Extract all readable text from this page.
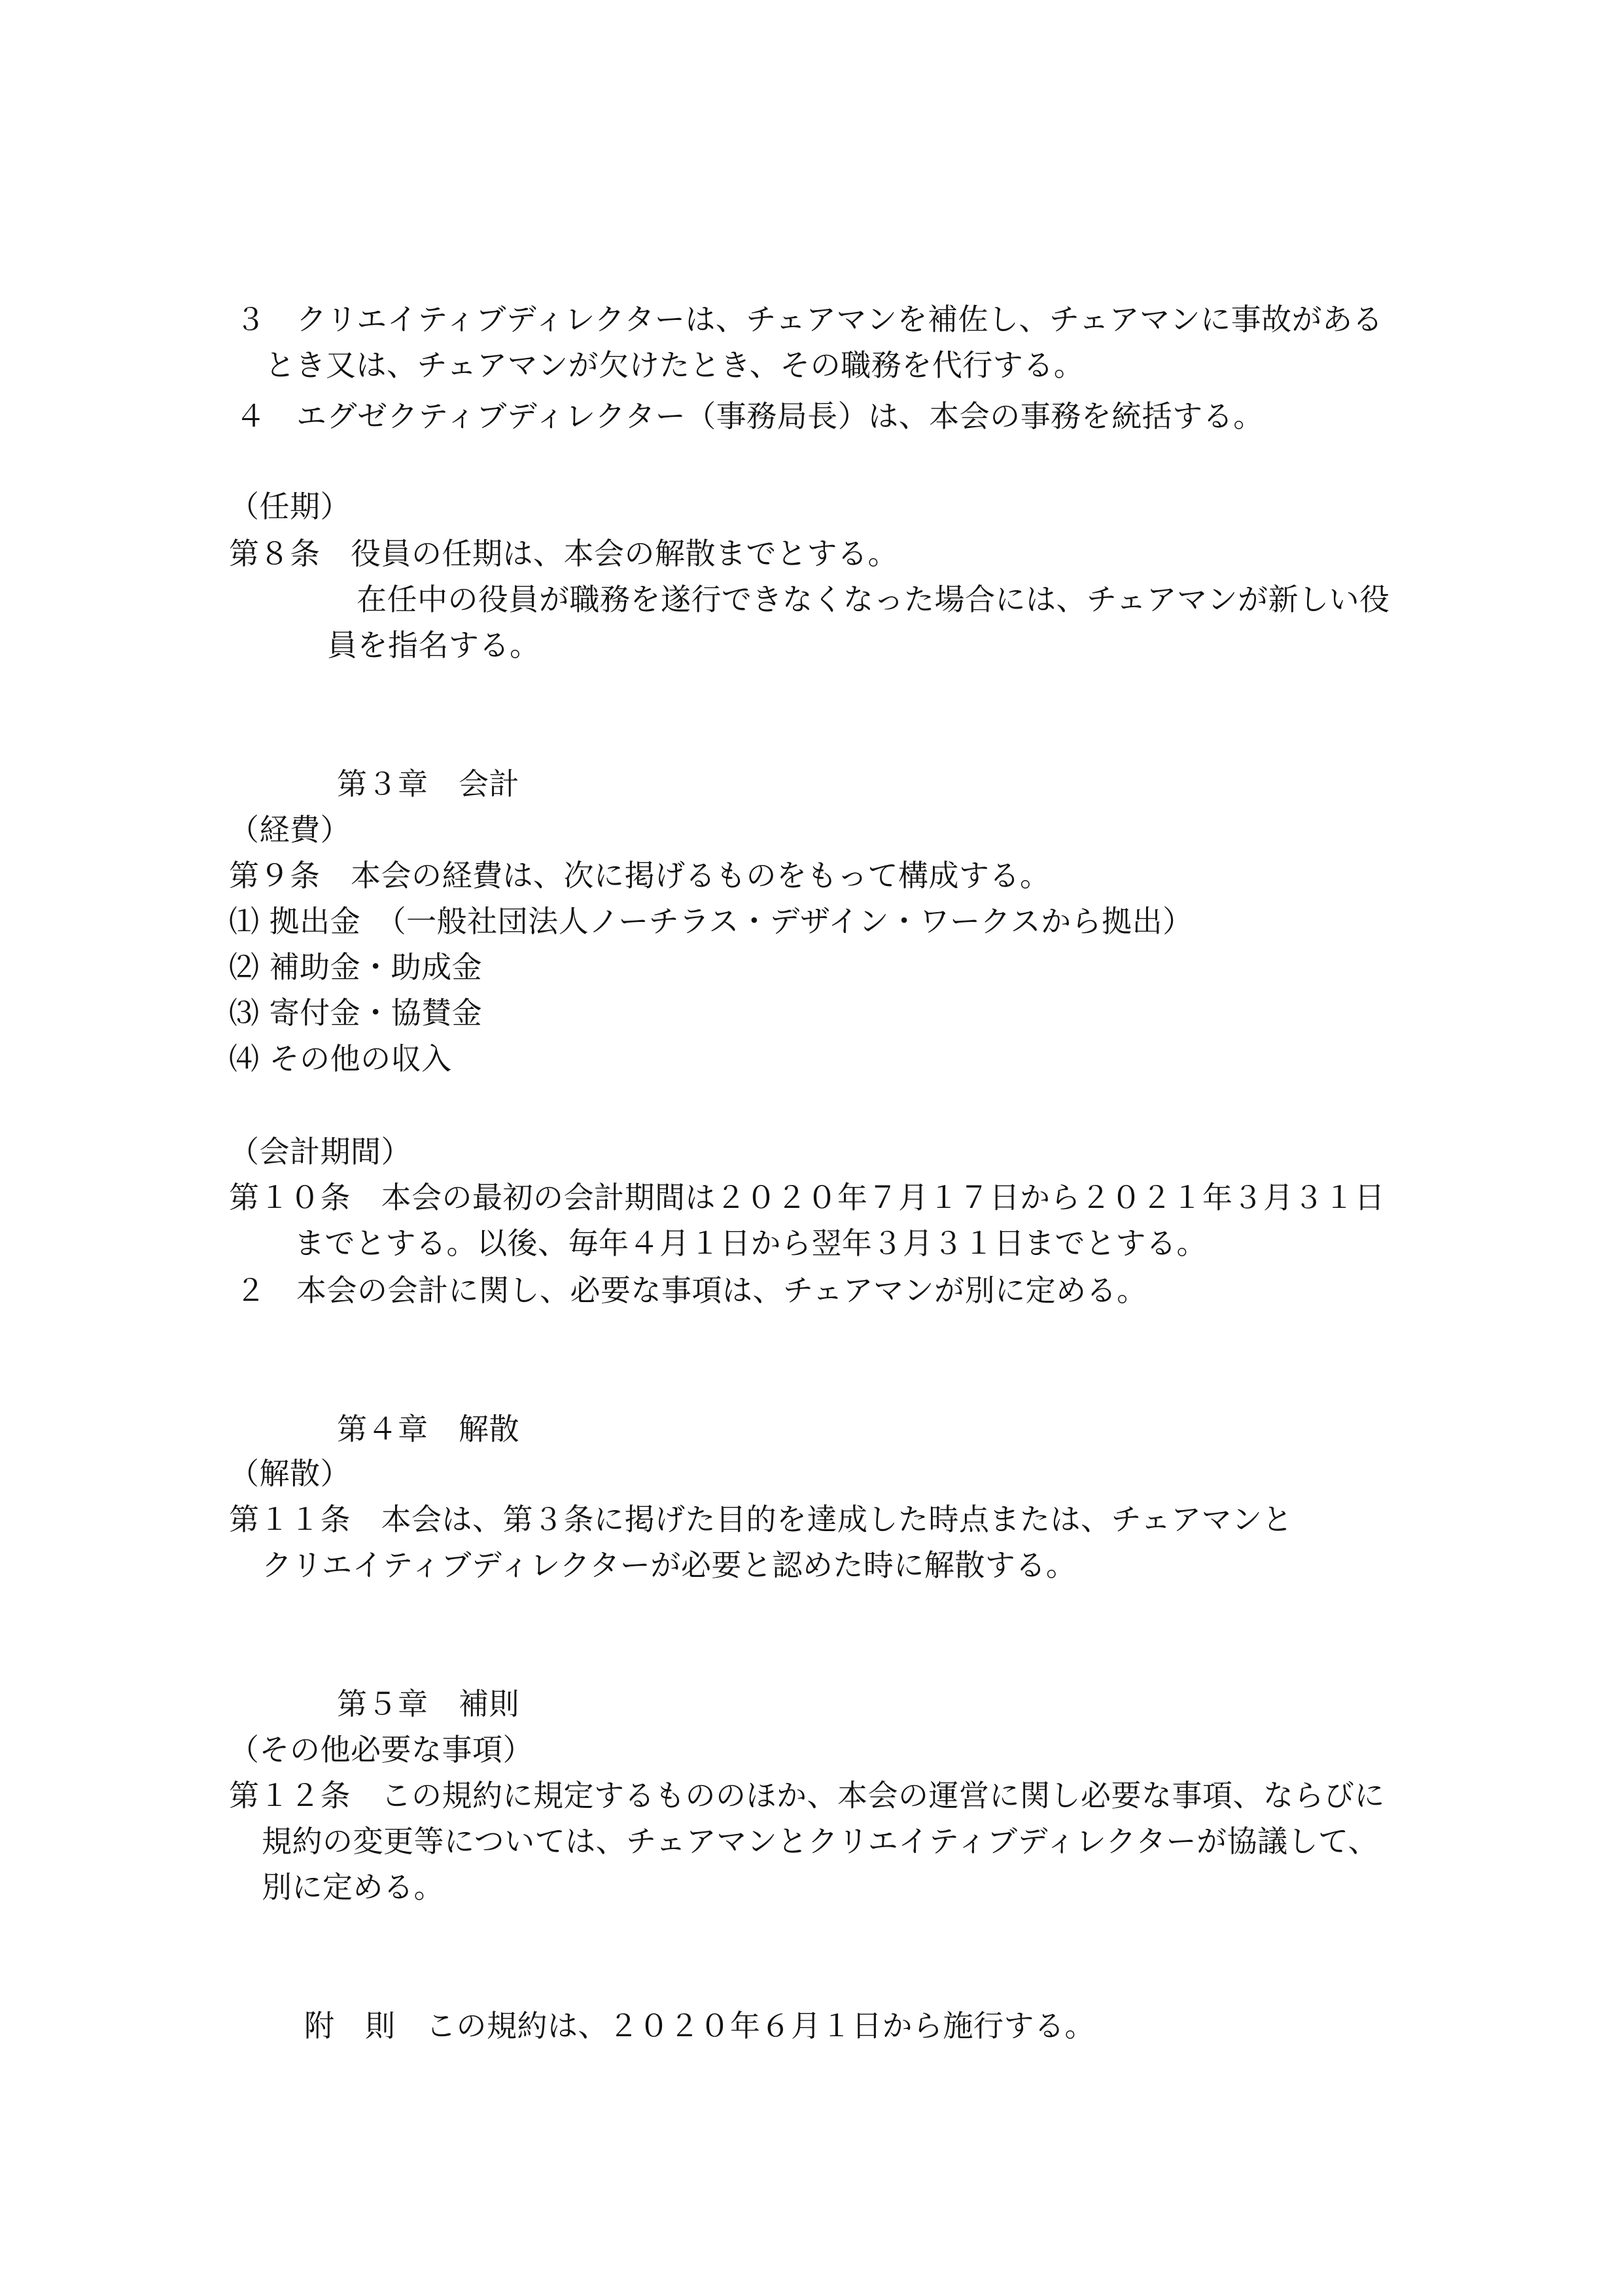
３　クリエイティブディレクターは、チェアマンを補佐し、チェアマンに事故がある
とき又は、チェアマンが欠けたとき、その職務を代行する。
４　エグゼクティブディレクター（事務局長）は、本会の事務を統括する。
（任期）
第８条　役員の任期は、本会の解散までとする。
在任中の役員が職務を遂行できなくなった場合には、チェアマンが新しい役
員を指名する。
第３章　会計
（経費）
第９条　本会の経費は、次に掲げるものをもって構成する。
⑴ 拠出金　（一般社団法人ノーチラス・デザイン・ワークスから拠出）
⑵ 補助金・助成金
⑶ 寄付金・協賛金
⑷ その他の収入
（会計期間）
第１０条　本会の最初の会計期間は２０２０年７月１７日から２０２１年３月３１日
までとする。以後、毎年４月１日から翌年３月３１日までとする。
２　本会の会計に関し、必要な事項は、チェアマンが別に定める。
第４章　解散
（解散）
第１１条　本会は、第３条に掲げた目的を達成した時点または、チェアマンと
クリエイティブディレクターが必要と認めた時に解散する。
第５章　補則
（その他必要な事項）
第１２条　この規約に規定するもののほか、本会の運営に関し必要な事項、ならびに
規約の変更等については、チェアマンとクリエイティブディレクターが協議して、
別に定める。
附　則　この規約は、２０２０年６月１日から施行する。
